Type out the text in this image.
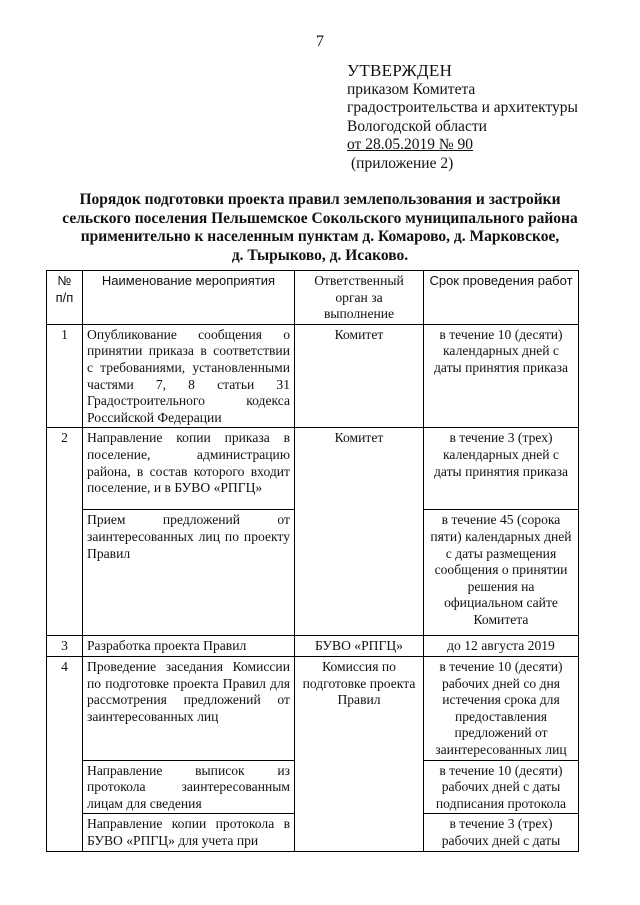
7
УТВЕРЖДЕН
приказом Комитета
градостроительства и архитектуры
Вологодской области
от 28.05.2019 № 90
(приложение 2)
Порядок подготовки проекта правил землепользования и застройки
сельского поселения Пельшемское Сокольского муниципального района
применительно к населенным пунктам д. Комарово, д. Марковское,
д. Тырыково, д. Исаково.
№ п/п	Наименование мероприятия	Ответственный орган за выполнение	Срок проведения работ
1	Опубликование сообщения о принятии приказа в соответствии с требованиями, установленными частями 7, 8 статьи 31 Градостроительного кодекса Российской Федерации	Комитет	в течение 10 (десяти) календарных дней с даты принятия приказа
2	Направление копии приказа в поселение, администрацию района, в состав которого входит поселение, и в БУВО «РПГЦ»	Комитет	в течение 3 (трех) календарных дней с даты принятия приказа
	Прием предложений от заинтересованных лиц по проекту Правил		в течение 45 (сорока пяти) календарных дней с даты размещения сообщения о принятии решения на официальном сайте Комитета
3	Разработка проекта Правил	БУВО «РПГЦ»	до 12 августа 2019
4	Проведение заседания Комиссии по подготовке проекта Правил для рассмотрения предложений от заинтересованных лиц	Комиссия по подготовке проекта Правил	в течение 10 (десяти) рабочих дней со дня истечения срока для предоставления предложений от заинтересованных лиц
	Направление выписок из протокола заинтересованным лицам для сведения		в течение 10 (десяти) рабочих дней с даты подписания протокола
	Направление копии протокола в БУВО «РПГЦ» для учета при		в течение 3 (трех) рабочих дней с даты
